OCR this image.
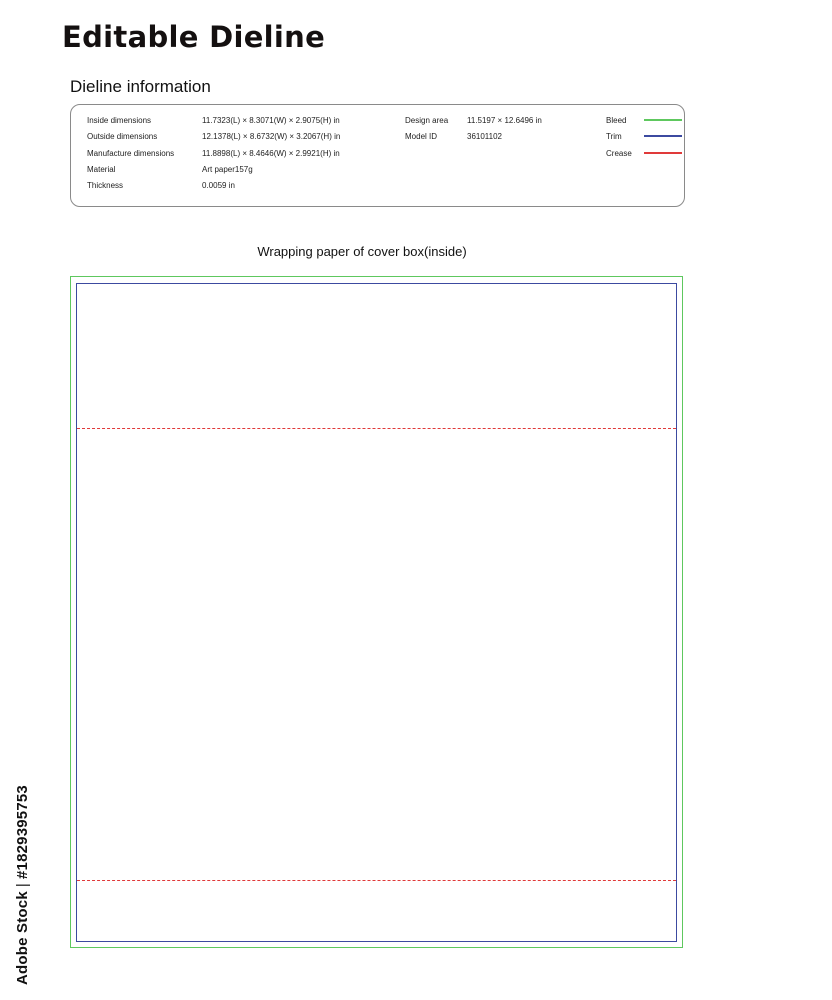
Editable Dieline
Dieline information
Inside dimensions
Outside dimensions
Manufacture dimensions
Material
Thickness
11.7323(L) × 8.3071(W) × 2.9075(H) in
12.1378(L) × 8.6732(W) × 3.2067(H) in
11.8898(L) × 8.4646(W) × 2.9921(H) in
Art paper157g
0.0059 in
Design area 11.5197 × 12.6496 in
Model ID	36101102
Bleed
Trim
Crease
Wrapping paper of cover box(inside)
Adobe Stock|#1829395753
